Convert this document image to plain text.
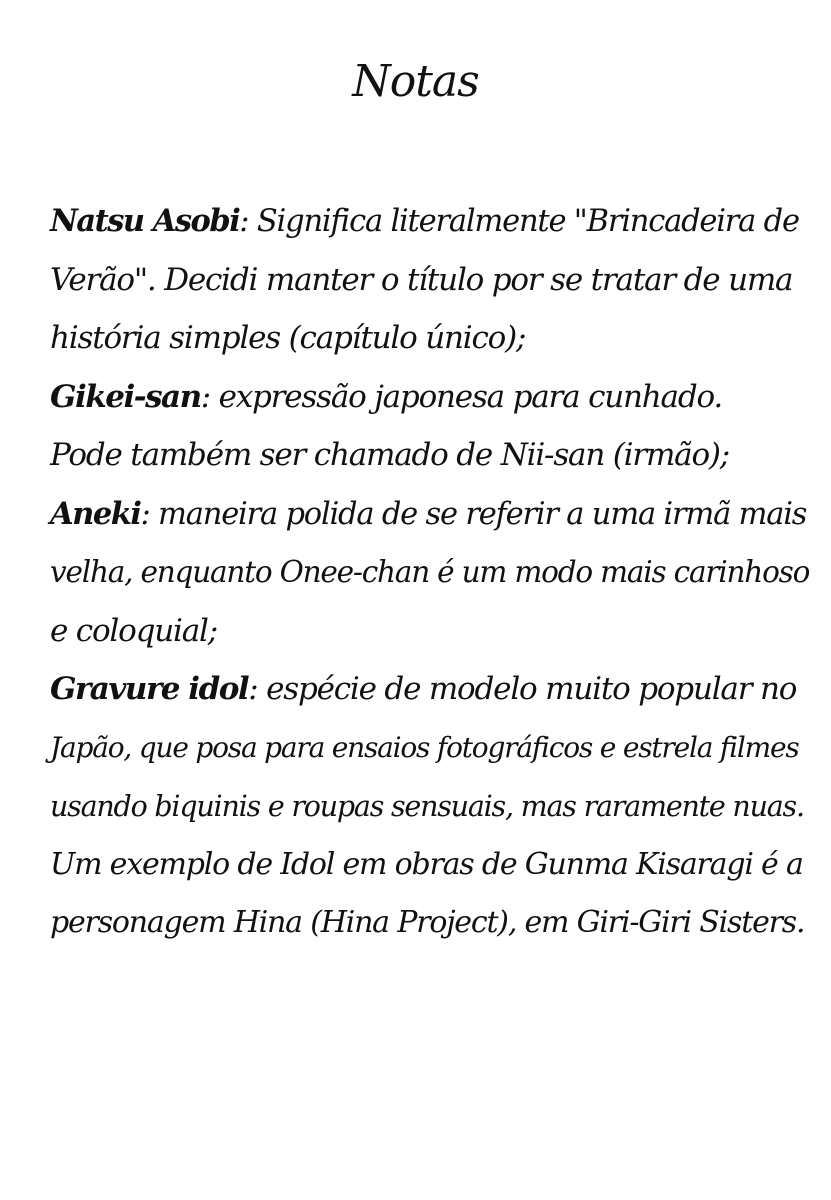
Notas
Natsu Asobi: Significa literalmente "Brincadeira de
Verão". Decidi manter o título por se tratar de uma
história simples (capítulo único);
Gikei-san: expressão japonesa para cunhado.
Pode também ser chamado de Nii-san (irmão);
Aneki: maneira polida de se referir a uma irmã mais
velha, enquanto Onee-chan é um modo mais carinhoso
e coloquial;
Gravure idol: espécie de modelo muito popular no
Japão, que posa para ensaios fotográficos e estrela filmes
usando biquinis e roupas sensuais, mas raramente nuas.
Um exemplo de Idol em obras de Gunma Kisaragi é a
personagem Hina (Hina Project), em Giri-Giri Sisters.
